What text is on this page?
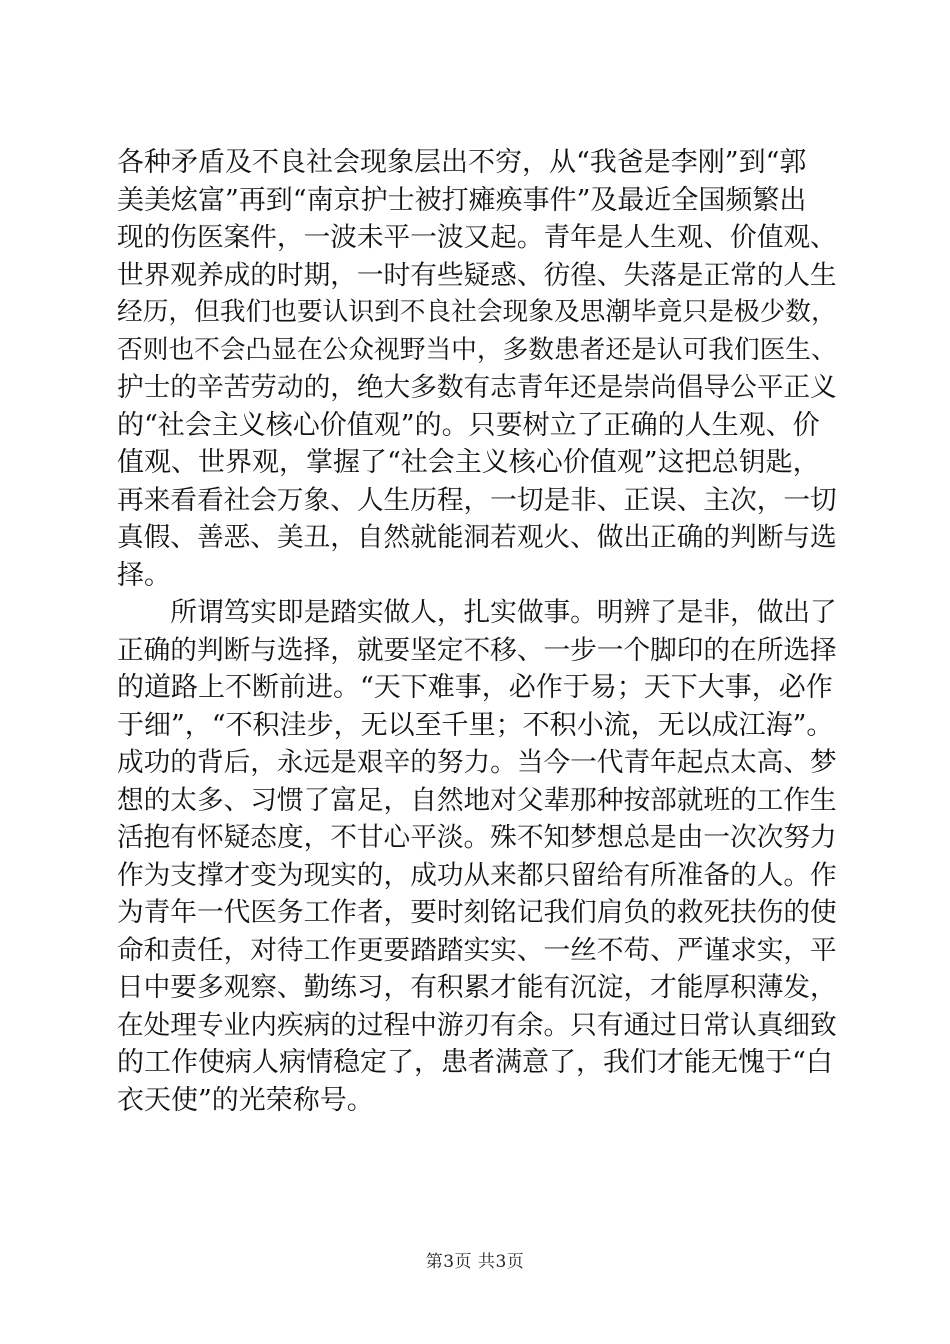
各种矛盾及不良社会现象层出不穷，从“我爸是李刚”到“郭
美美炫富”再到“南京护士被打瘫痪事件”及最近全国频繁出
现的伤医案件，一波未平一波又起。青年是人生观、价值观、
世界观养成的时期，一时有些疑惑、彷徨、失落是正常的人生
经历，但我们也要认识到不良社会现象及思潮毕竟只是极少数，
否则也不会凸显在公众视野当中，多数患者还是认可我们医生、
护士的辛苦劳动的，绝大多数有志青年还是崇尚倡导公平正义
的“社会主义核心价值观”的。只要树立了正确的人生观、价
值观、世界观，掌握了“社会主义核心价值观”这把总钥匙，
再来看看社会万象、人生历程，一切是非、正误、主次，一切
真假、善恶、美丑，自然就能洞若观火、做出正确的判断与选
择。
　　所谓笃实即是踏实做人，扎实做事。明辨了是非，做出了
正确的判断与选择，就要坚定不移、一步一个脚印的在所选择
的道路上不断前进。“天下难事，必作于易；天下大事，必作
于细”，“不积洼步，无以至千里；不积小流，无以成江海”。
成功的背后，永远是艰辛的努力。当今一代青年起点太高、梦
想的太多、习惯了富足，自然地对父辈那种按部就班的工作生
活抱有怀疑态度，不甘心平淡。殊不知梦想总是由一次次努力
作为支撑才变为现实的，成功从来都只留给有所准备的人。作
为青年一代医务工作者，要时刻铭记我们肩负的救死扶伤的使
命和责任，对待工作更要踏踏实实、一丝不苟、严谨求实，平
日中要多观察、勤练习，有积累才能有沉淀，才能厚积薄发，
在处理专业内疾病的过程中游刃有余。只有通过日常认真细致
的工作使病人病情稳定了，患者满意了，我们才能无愧于“白
衣天使”的光荣称号。
第3页 共3页
